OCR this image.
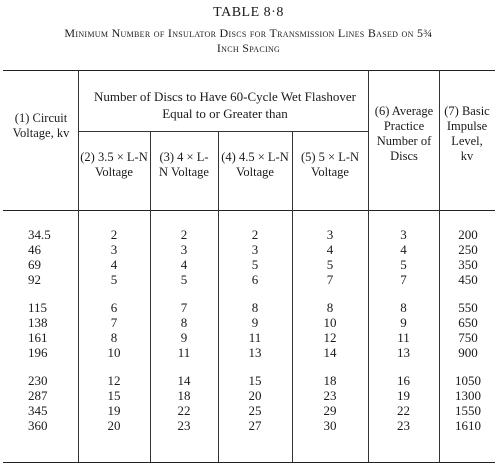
TABLE 8·8
Minimum Number of Insulator Discs for Transmission Lines Based on 5¾
Inch Spacing
(1) Circuit Voltage, kv
Number of Discs to Have 60-Cycle Wet Flashover Equal to or Greater than
(2) 3.5 × L-N Voltage
(3) 4 × L-N Voltage
(4) 4.5 × L-N Voltage
(5) 5 × L-N Voltage
(6) Average Practice Number of Discs
(7) Basic Impulse Level, kv
34.5
46
69
92
115
138
161
196
230
287
345
360
2
3
4
5
6
7
8
10
12
15
19
20
2
3
4
5
7
8
9
11
14
18
22
23
2
3
5
6
8
9
11
13
15
20
25
27
3
4
5
7
8
10
12
14
18
23
29
30
3
4
5
7
8
9
11
13
16
19
22
23
200
250
350
450
550
650
750
900
1050
1300
1550
1610
